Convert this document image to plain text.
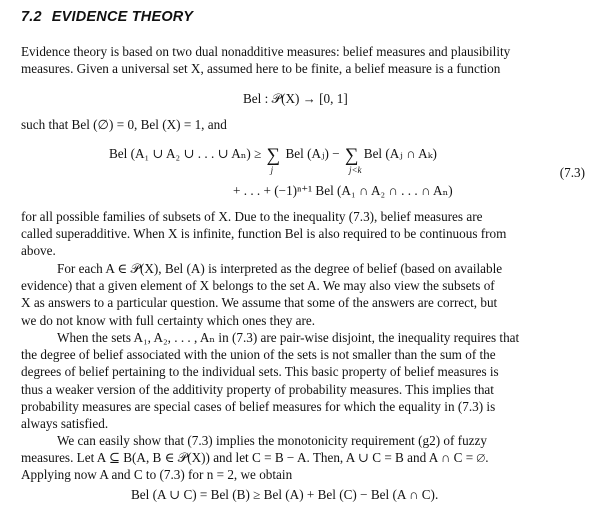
7.2 EVIDENCE THEORY
Evidence theory is based on two dual nonadditive measures: belief measures and plausibility
measures. Given a universal set X, assumed here to be finite, a belief measure is a function
Bel : 𝒫(X) → [0, 1]
such that Bel (∅) = 0, Bel (X) = 1, and
Bel (A₁ ∪ A₂ ∪ . . . ∪ Aₙ) ≥ ∑
j
Bel (Aⱼ) − ∑
j<k
Bel (Aⱼ ∩ Aₖ)
+ . . . + (−1)ⁿ⁺¹ Bel (A₁ ∩ A₂ ∩ . . . ∩ Aₙ)
(7.3)
for all possible families of subsets of X. Due to the inequality (7.3), belief measures are
called superadditive. When X is infinite, function Bel is also required to be continuous from
above.
For each A ∈ 𝒫(X), Bel (A) is interpreted as the degree of belief (based on available
evidence) that a given element of X belongs to the set A. We may also view the subsets of
X as answers to a particular question. We assume that some of the answers are correct, but
we do not know with full certainty which ones they are.
When the sets A₁, A₂, . . . , Aₙ in (7.3) are pair-wise disjoint, the inequality requires that
the degree of belief associated with the union of the sets is not smaller than the sum of the
degrees of belief pertaining to the individual sets. This basic property of belief measures is
thus a weaker version of the additivity property of probability measures. This implies that
probability measures are special cases of belief measures for which the equality in (7.3) is
always satisfied.
We can easily show that (7.3) implies the monotonicity requirement (g2) of fuzzy
measures. Let A ⊆ B(A, B ∈ 𝒫(X)) and let C = B − A. Then, A ∪ C = B and A ∩ C = ∅.
Applying now A and C to (7.3) for n = 2, we obtain
Bel (A ∪ C) = Bel (B) ≥ Bel (A) + Bel (C) − Bel (A ∩ C).
